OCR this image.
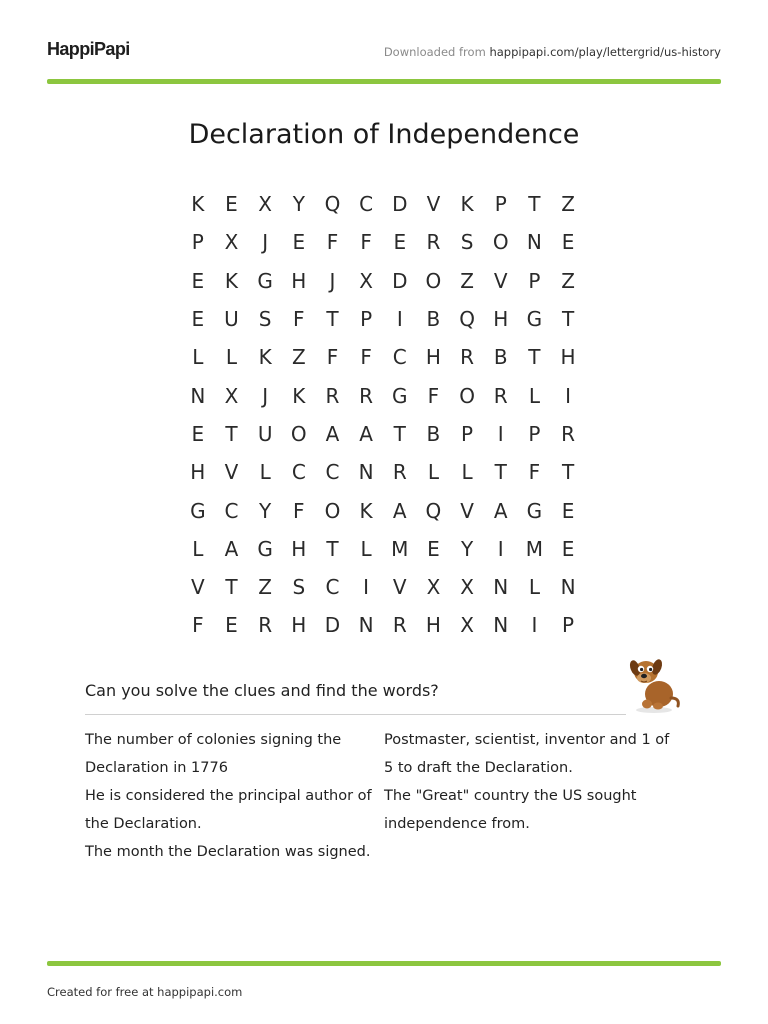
HappiPapi	Downloaded from happipapi.com/play/lettergrid/us-history
Declaration of Independence
K	E	X	Y Q C D V	K	P	T	Z
P	X	J	E	F	F	E	R	S O N E
E	K G H	J	X D O Z V	P	Z
E	U S	F	T	P	I	B Q H G T
L	L	K	Z	F	F	C H R B	T	H
N X	J	K	R R G	F	O R	L	I
E	T	U O A A	T	B	P	I	P	R
H V	L	C C N R	L	L	T	F	T
G C	Y	F	O K	A Q V A G E
L	A G H	T	L M E	Y	I	M E
V	T	Z	S	C	I	V X X N	L	N
F	E	R H D N R H X N	I	P
Can you solve the clues and find the words?

The number of colonies signing the Declaration in 1776

He is considered the principal author of the Declaration.

The month the Declaration was signed.

Postmaster, scientist, inventor and 1 of 5 to draft the Declaration.

The "Great" country the US sought independence from.

Created for free at happipapi.com
